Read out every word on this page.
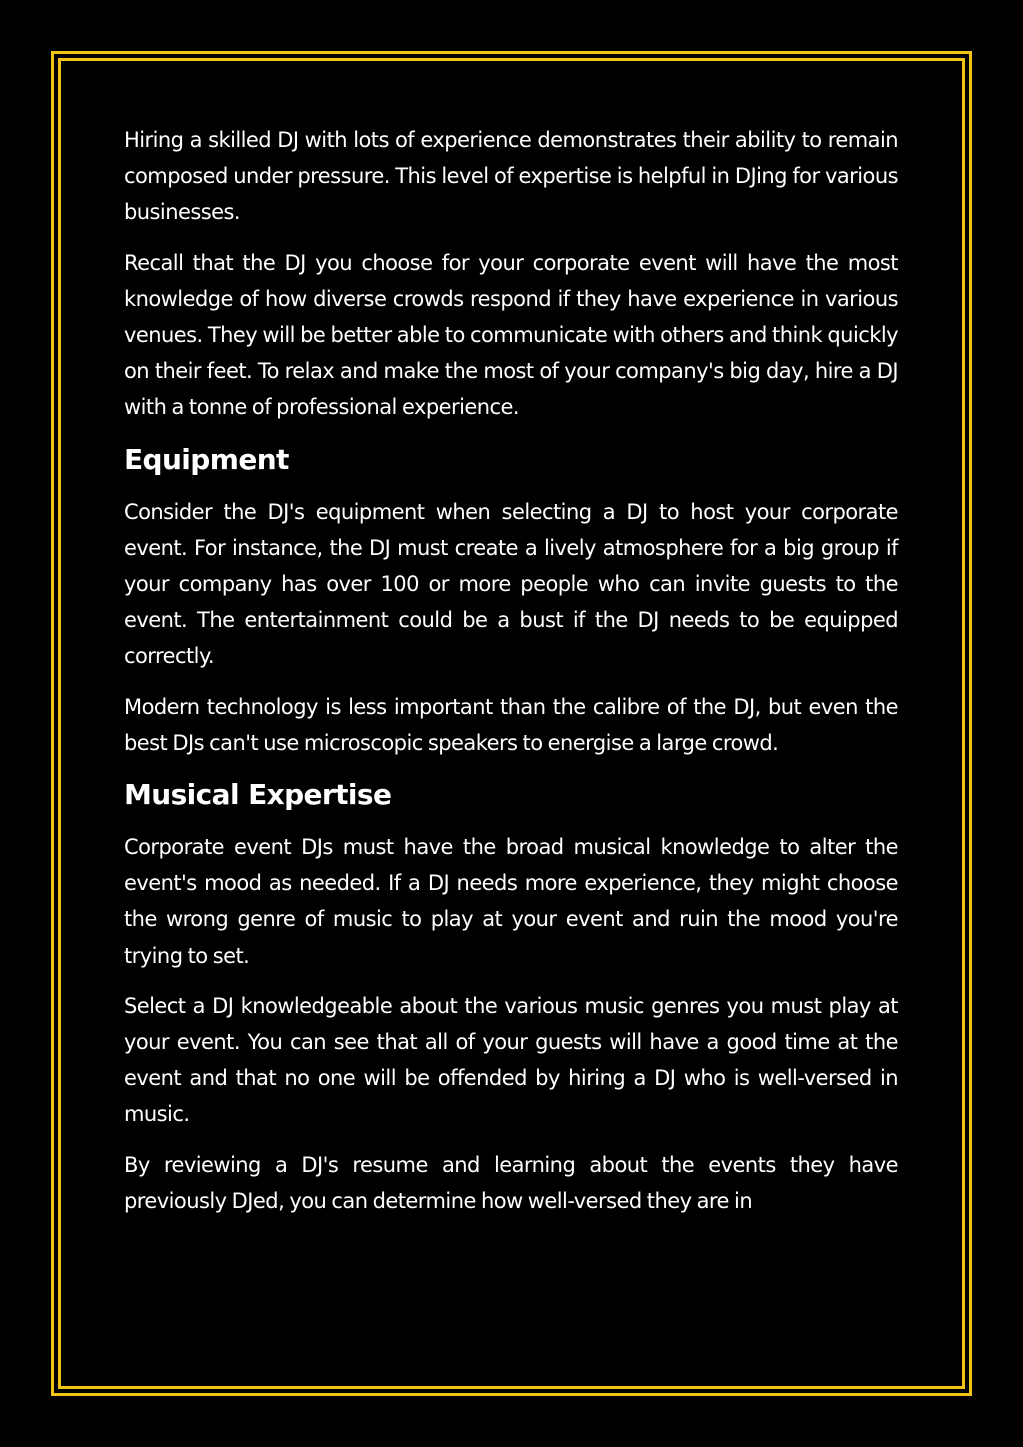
Hiring a skilled DJ with lots of experience demonstrates their ability to remain composed under pressure. This level of expertise is helpful in DJing for various businesses.

Recall that the DJ you choose for your corporate event will have the most knowledge of how diverse crowds respond if they have experience in various venues. They will be better able to communicate with others and think quickly on their feet. To relax and make the most of your company's big day, hire a DJ with a tonne of professional experience.

Equipment

Consider the DJ's equipment when selecting a DJ to host your corporate event. For instance, the DJ must create a lively atmosphere for a big group if your company has over 100 or more people who can invite guests to the event. The entertainment could be a bust if the DJ needs to be equipped correctly.

Modern technology is less important than the calibre of the DJ, but even the best DJs can't use microscopic speakers to energise a large crowd.

Musical Expertise

Corporate event DJs must have the broad musical knowledge to alter the event's mood as needed. If a DJ needs more experience, they might choose the wrong genre of music to play at your event and ruin the mood you're trying to set.

Select a DJ knowledgeable about the various music genres you must play at your event. You can see that all of your guests will have a good time at the event and that no one will be offended by hiring a DJ who is well-versed in music.

By reviewing a DJ's resume and learning about the events they have previously DJed, you can determine how well-versed they are in
